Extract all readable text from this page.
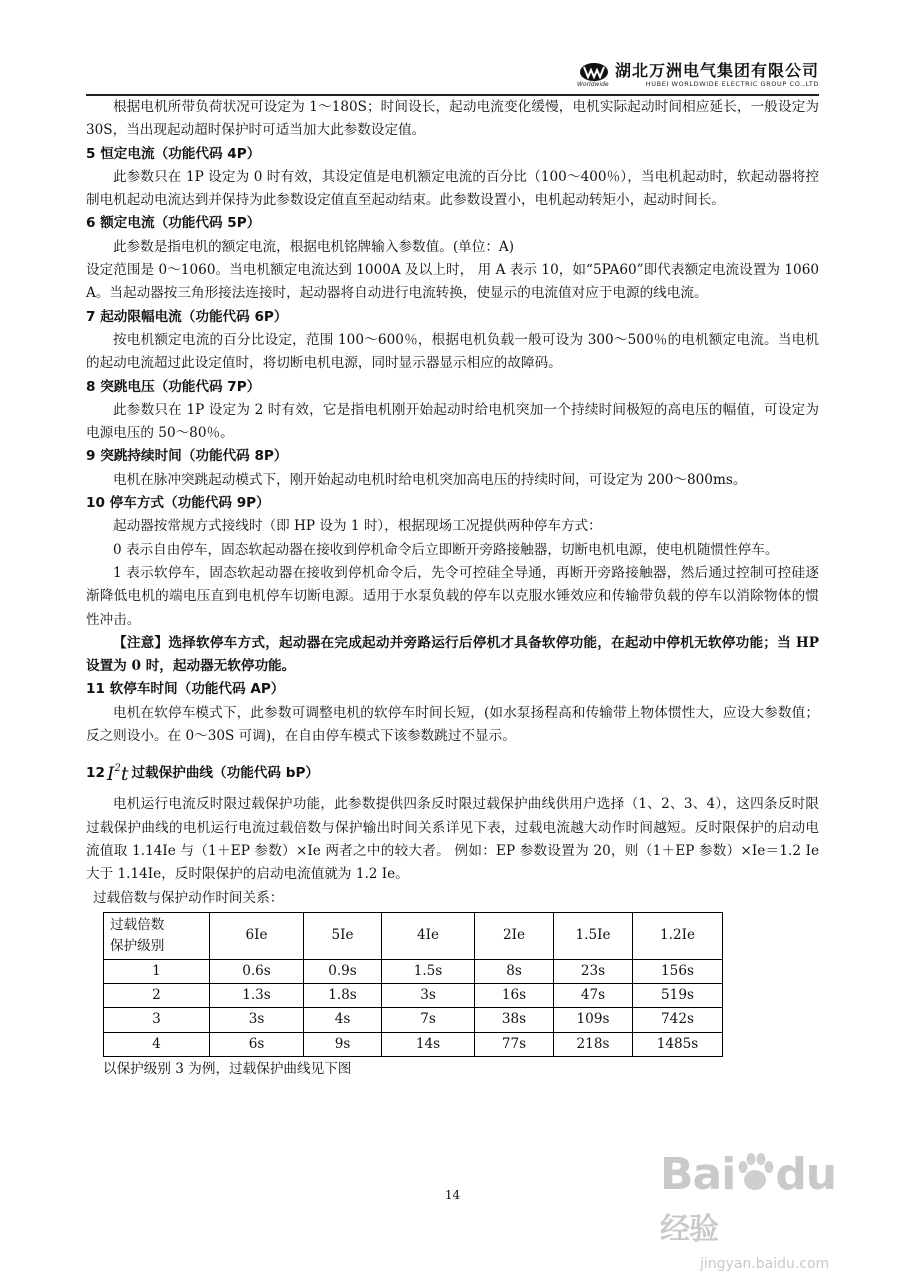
Worldwide
湖北万洲电气集团有限公司
HUBEI WORLDWIDE ELECTRIC GROUP CO.,LTD

根据电机所带负荷状况可设定为 1～180S；时间设长，起动电流变化缓慢，电机实际起动时间相应延长，一般设定为 30S，当出现起动超时保护时可适当加大此参数设定值。

5 恒定电流（功能代码 4P）

此参数只在 1P 设定为 0 时有效，其设定值是电机额定电流的百分比（100～400％），当电机起动时，软起动器将控制电机起动电流达到并保持为此参数设定值直至起动结束。此参数设置小，电机起动转矩小，起动时间长。

6 额定电流（功能代码 5P）

此参数是指电机的额定电流，根据电机铭牌输入参数值。(单位：A)

设定范围是 0～1060。当电机额定电流达到 1000A 及以上时， 用 A 表示 10，如“5PA60”即代表额定电流设置为 1060 A。当起动器按三角形接法连接时，起动器将自动进行电流转换，使显示的电流值对应于电源的线电流。

7 起动限幅电流（功能代码 6P）

按电机额定电流的百分比设定，范围 100～600％，根据电机负载一般可设为 300～500％的电机额定电流。当电机的起动电流超过此设定值时，将切断电机电源，同时显示器显示相应的故障码。

8 突跳电压（功能代码 7P）

此参数只在 1P 设定为 2 时有效，它是指电机刚开始起动时给电机突加一个持续时间极短的高电压的幅值，可设定为电源电压的 50～80％。

9 突跳持续时间（功能代码 8P）

电机在脉冲突跳起动模式下，刚开始起动电机时给电机突加高电压的持续时间，可设定为 200～800ms。

10 停车方式（功能代码 9P）

起动器按常规方式接线时（即 HP 设为 1 时），根据现场工况提供两种停车方式：

0 表示自由停车，固态软起动器在接收到停机命令后立即断开旁路接触器，切断电机电源，使电机随惯性停车。

1 表示软停车，固态软起动器在接收到停机命令后，先令可控硅全导通，再断开旁路接触器，然后通过控制可控硅逐渐降低电机的端电压直到电机停车切断电源。适用于水泵负载的停车以克服水锤效应和传输带负载的停车以消除物体的惯性冲击。

【注意】选择软停车方式，起动器在完成起动并旁路运行后停机才具备软停功能，在起动中停机无软停功能；当 HP 设置为 0 时，起动器无软停功能。

11 软停车时间（功能代码 AP）

电机在软停车模式下，此参数可调整电机的软停车时间长短，(如水泵扬程高和传输带上物体惯性大，应设大参数值；反之则设小。在 0～30S 可调)，在自由停车模式下该参数跳过不显示。

12 $I^2t$ 过载保护曲线（功能代码 bP）

电机运行电流反时限过载保护功能，此参数提供四条反时限过载保护曲线供用户选择（1、2、3、4），这四条反时限过载保护曲线的电机运行电流过载倍数与保护输出时间关系详见下表，过载电流越大动作时间越短。反时限保护的启动电流值取 1.14Ie 与（1＋EP 参数）×Ie 两者之中的较大者。 例如：EP 参数设置为 20，则（1＋EP 参数）×Ie＝1.2 Ie 大于 1.14Ie，反时限保护的启动电流值就为 1.2 Ie。

过载倍数与保护动作时间关系：

过载倍数
保护级别	6Ie	5Ie	4Ie	2Ie	1.5Ie	1.2Ie
1	0.6s	0.9s	1.5s	8s	23s	156s
2	1.3s	1.8s	3s	16s	47s	519s
3	3s	4s	7s	38s	109s	742s
4	6s	9s	14s	77s	218s	1485s

以保护级别 3 为例，过载保护曲线见下图

14	Bai du经验
jingyan.baidu.com
